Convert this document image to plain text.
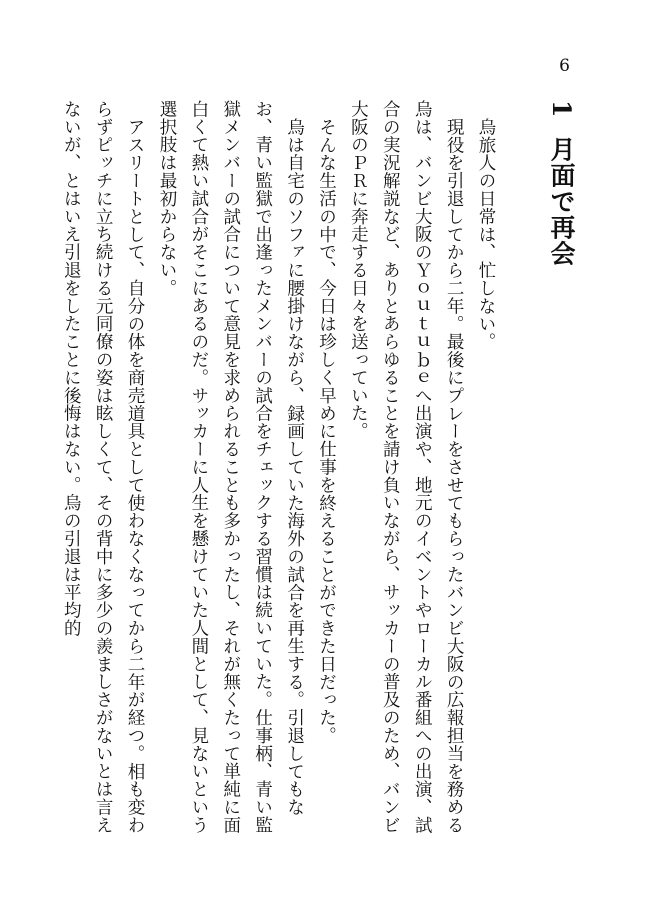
6
1月面で再会

烏旅人の日常は、忙しない。

現役を引退してから二年。最後にプレーをさせてもらったバンビ大阪の広報担当を務める烏は、バンビ大阪のＹｏｕｔｕｂｅへ出演や、地元のイベントやローカル番組への出演、試合の実況解説など、ありとあらゆることを請け負いながら、サッカーの普及のため、バンビ大阪のＰＲに奔走する日々を送っていた。

そんな生活の中で、今日は珍しく早めに仕事を終えることができた日だった。

烏は自宅のソファに腰掛けながら、録画していた海外の試合を再生する。引退してもなお、青い監獄で出逢ったメンバーの試合をチェックする習慣は続いていた。仕事柄、青い監獄メンバーの試合について意見を求められることも多かったし、それが無くたって単純に面白くて熱い試合がそこにあるのだ。サッカーに人生を懸けていた人間として、見ないという選択肢は最初からない。

アスリートとして、自分の体を商売道具として使わなくなってから二年が経つ。相も変わらずピッチに立ち続ける元同僚の姿は眩しくて、その背中に多少の羨ましさがないとは言えないが、とはいえ引退をしたことに後悔はない。烏の引退は平均的
